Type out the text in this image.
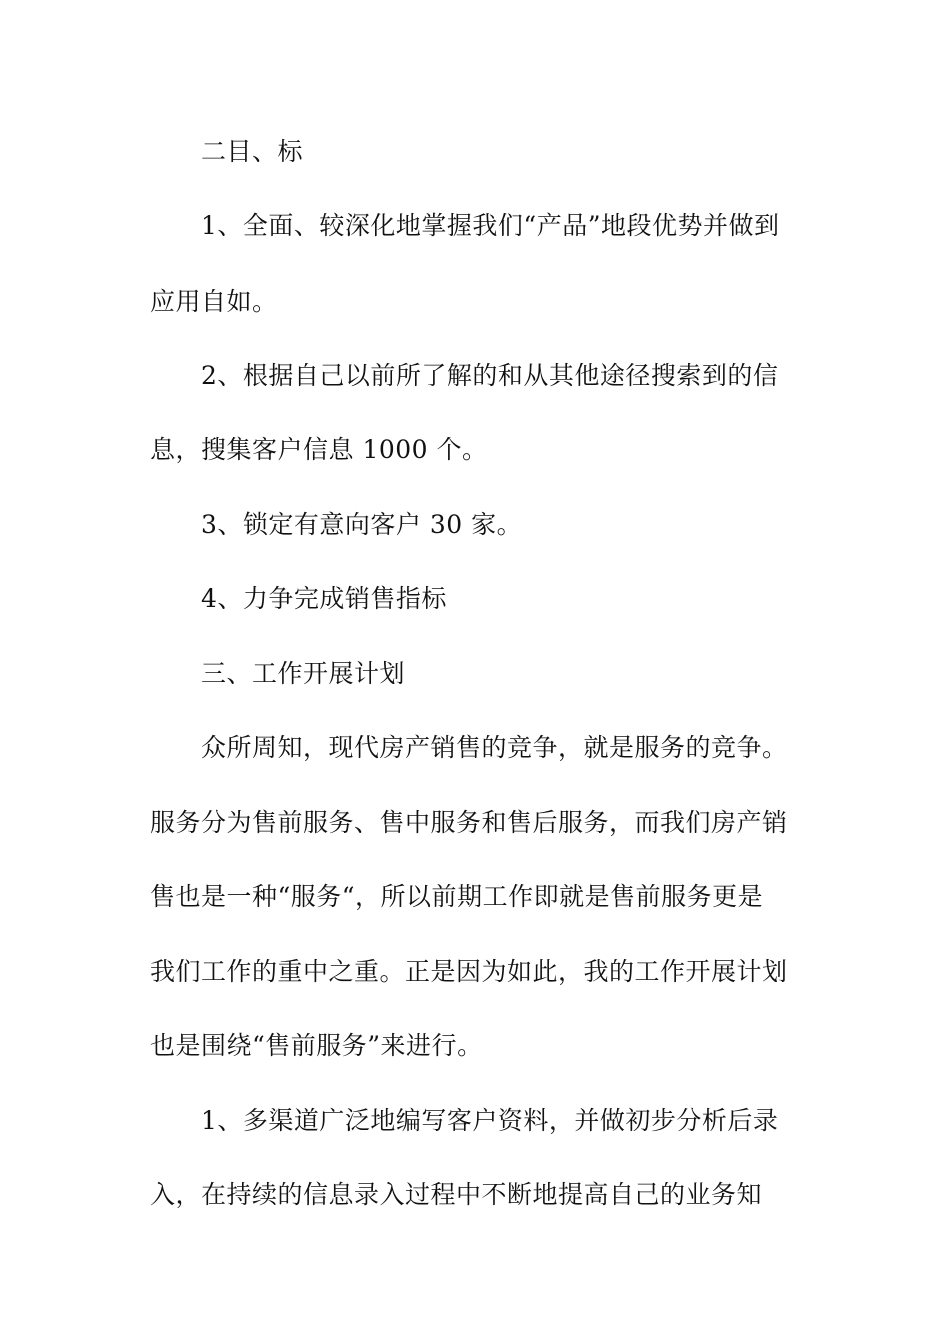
二目、标

1、全面、较深化地掌握我们“产品”地段优势并做到

应用自如。

2、根据自己以前所了解的和从其他途径搜索到的信

息，搜集客户信息 1000 个。

3、锁定有意向客户 30 家。

4、力争完成销售指标

三、工作开展计划

众所周知，现代房产销售的竞争，就是服务的竞争。

服务分为售前服务、售中服务和售后服务，而我们房产销

售也是一种“服务“，所以前期工作即就是售前服务更是

我们工作的重中之重。正是因为如此，我的工作开展计划

也是围绕“售前服务”来进行。

1、多渠道广泛地编写客户资料，并做初步分析后录

入，在持续的信息录入过程中不断地提高自己的业务知
